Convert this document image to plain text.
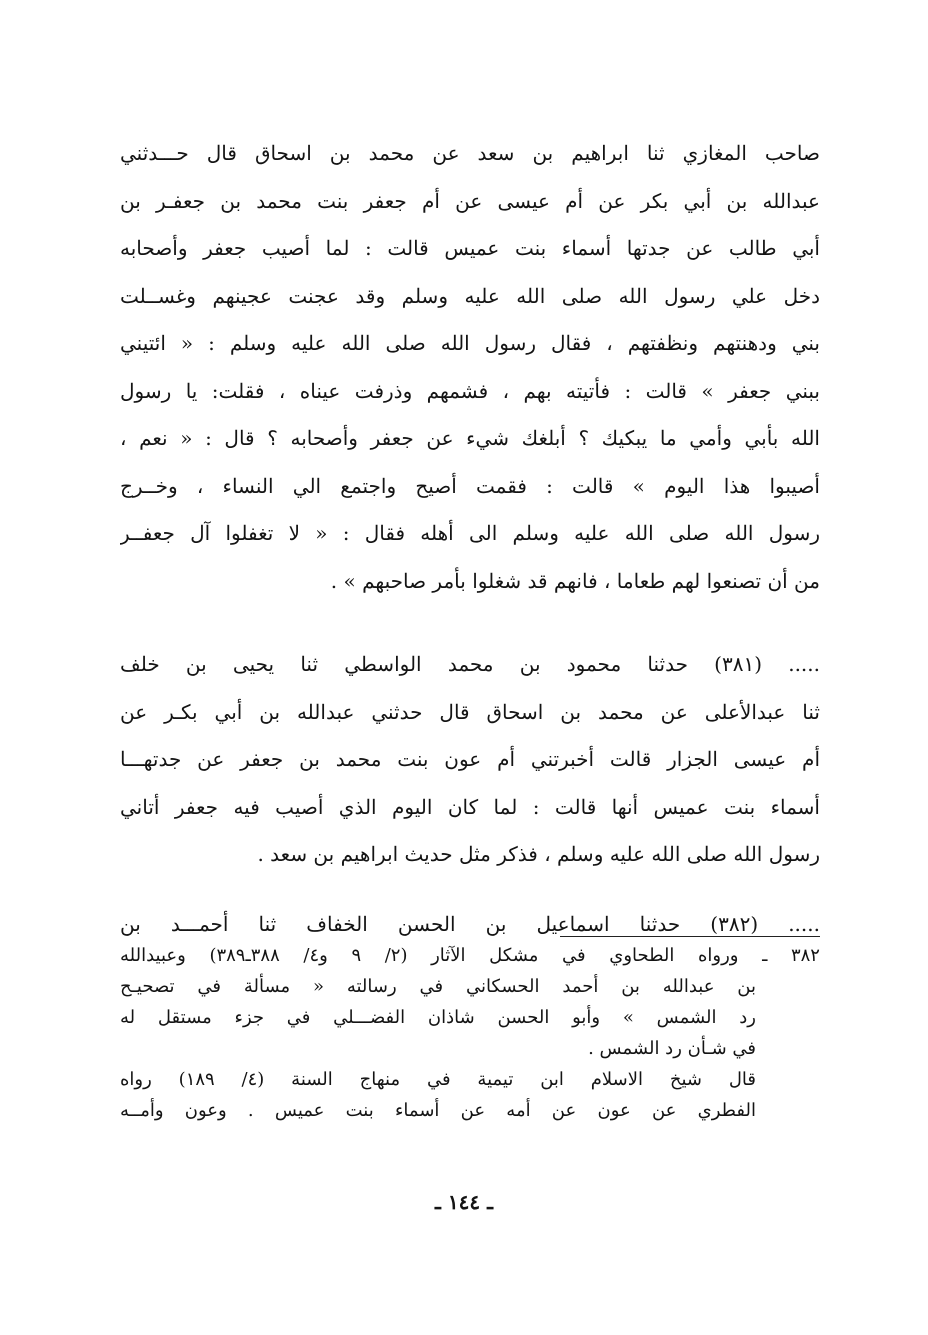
صاحب المغازي ثنا ابراهيم بن سعد عن محمد بن اسحاق قال حـــدثني
عبدالله بن أبي بكر عن أم عيسى عن أم جعفر بنت محمد بن جعفـر بن
أبي طالب عن جدتها أسماء بنت عميس قالت : لما أصيب جعفر وأصحابه
دخل علي رسول الله صلى الله عليه وسلم وقد عجنت عجينهم وغســلت
بني ودهنتهم ونظفتهم ، فقال رسول الله صلى الله عليه وسلم : « ائتيني
ببني جعفر » قالت : فأتيته بهم ، فشمهم وذرفت عيناه ، فقلت: يا رسول
الله بأبي وأمي ما يبكيك ؟ أبلغك شيء عن جعفر وأصحابه ؟ قال : « نعم ،
أصيبوا هذا اليوم » قالت : فقمت أصيح واجتمع الي النساء ، وخــرج
رسول الله صلى الله عليه وسلم الى أهله فقال : « لا تغفلوا آل جعفــر
من أن تصنعوا لهم طعاما ، فانهم قد شغلوا بأمر صاحبهم » .
..... (٣٨١) حدثنا محمود بن محمد الواسطي ثنا يحيى بن خلف
ثنا عبدالأعلى عن محمد بن اسحاق قال حدثني عبدالله بن أبي بكـر عن
أم عيسى الجزار قالت أخبرتني أم عون بنت محمد بن جعفر عن جدتهـــا
أسماء بنت عميس أنها قالت : لما كان اليوم الذي أصيب فيه جعفر أتاني
رسول الله صلى الله عليه وسلم ، فذكر مثل حديث ابراهيم بن سعد .
..... (٣٨٢) حدثنا اسماعيل بن الحسن الخفاف ثنا أحمـــد بن
٣٨٢ ـ ورواه الطحاوي في مشكل الآثار (٢/ ٩ و٤/ ٣٨٨ـ٣٨٩) وعبيدالله
بن عبدالله بن أحمد الحسكاني في رسالته « مسألة في تصحيـح
رد الشمس » وأبو الحسن شاذان الفضـــلي في جزء مستقل له
في شـأن رد الشمس .
قال شيخ الاسلام ابن تيمية في منهاج السنة (٤/ ١٨٩) رواه
الفطري عن عون عن أمه عن أسماء بنت عميس . وعون وأمــه
ـ ١٤٤ ـ
